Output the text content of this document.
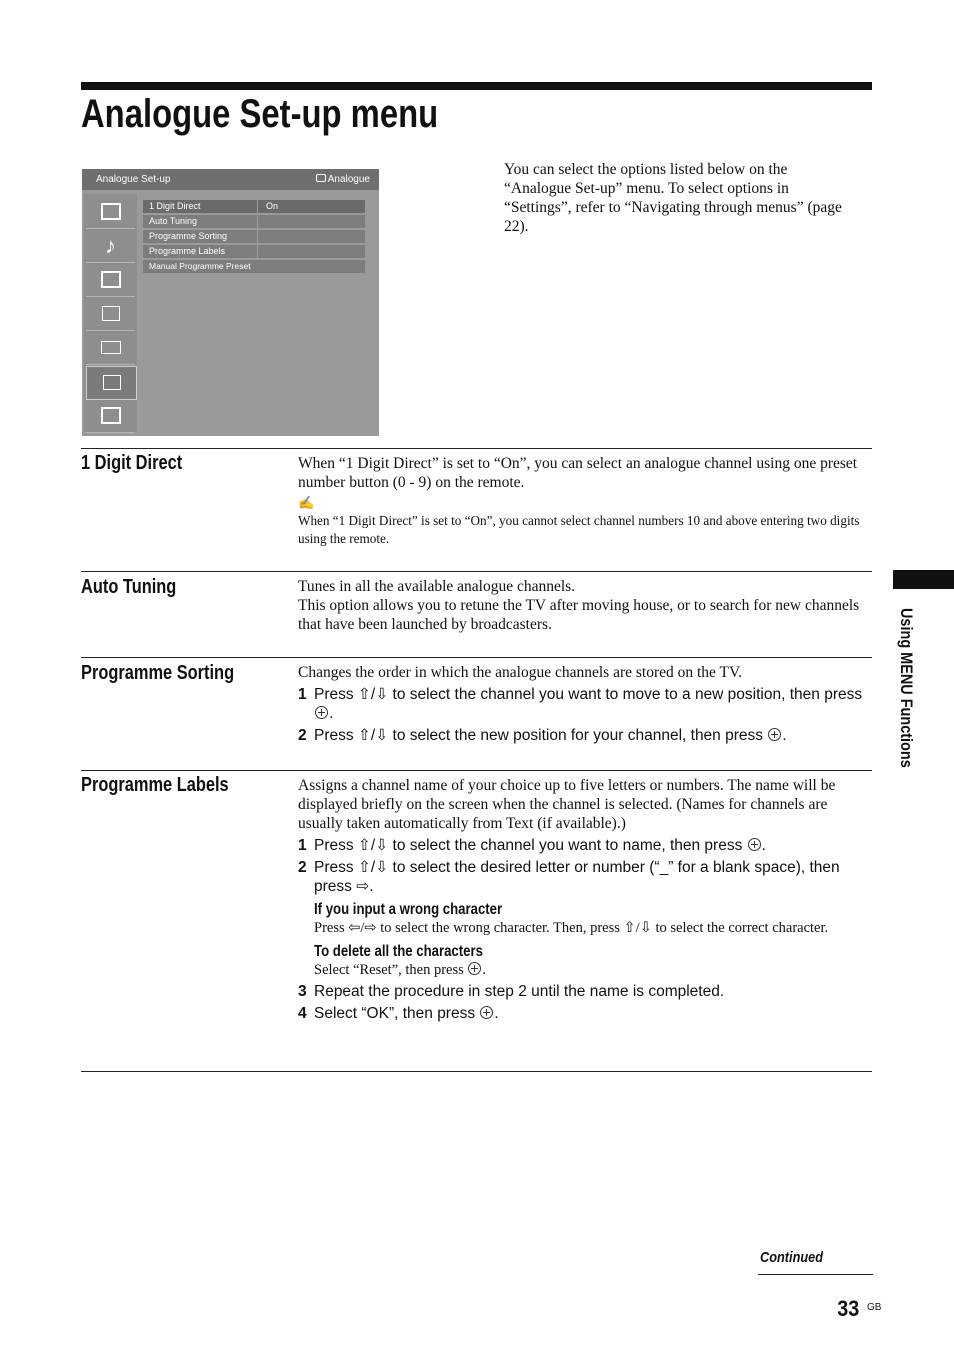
Analogue Set-up menu
Analogue Set-up	Analogue
♪
1 Digit Direct	On
Auto Tuning
Programme Sorting
Programme Labels
Manual Programme Preset
You can select the options listed below on the “Analogue Set-up” menu. To select options in “Settings”, refer to “Navigating through menus” (page 22).
1 Digit Direct	When “1 Digit Direct” is set to “On”, you can select an analogue channel using one preset number button (0 - 9) on the remote.
✍
When “1 Digit Direct” is set to “On”, you cannot select channel numbers 10 and above entering two digits using the remote.
Auto Tuning	Tunes in all the available analogue channels.
This option allows you to retune the TV after moving house, or to search for new channels that have been launched by broadcasters.
Programme Sorting	Changes the order in which the analogue channels are stored on the TV.
1 Press ⇧/⇩ to select the channel you want to move to a new position, then press .
2 Press ⇧/⇩ to select the new position for your channel, then press .
Programme Labels	Assigns a channel name of your choice up to five letters or numbers. The name will be displayed briefly on the screen when the channel is selected. (Names for channels are usually taken automatically from Text (if available).)
1 Press ⇧/⇩ to select the channel you want to name, then press .
2 Press ⇧/⇩ to select the desired letter or number (“_” for a blank space), then press ⇨.
If you input a wrong character
Press ⇦/⇨ to select the wrong character. Then, press ⇧/⇩ to select the correct character.
To delete all the characters
Select “Reset”, then press .
3 Repeat the procedure in step 2 until the name is completed.
4 Select “OK”, then press .
Using MENU Functions
Continued
33 GB
